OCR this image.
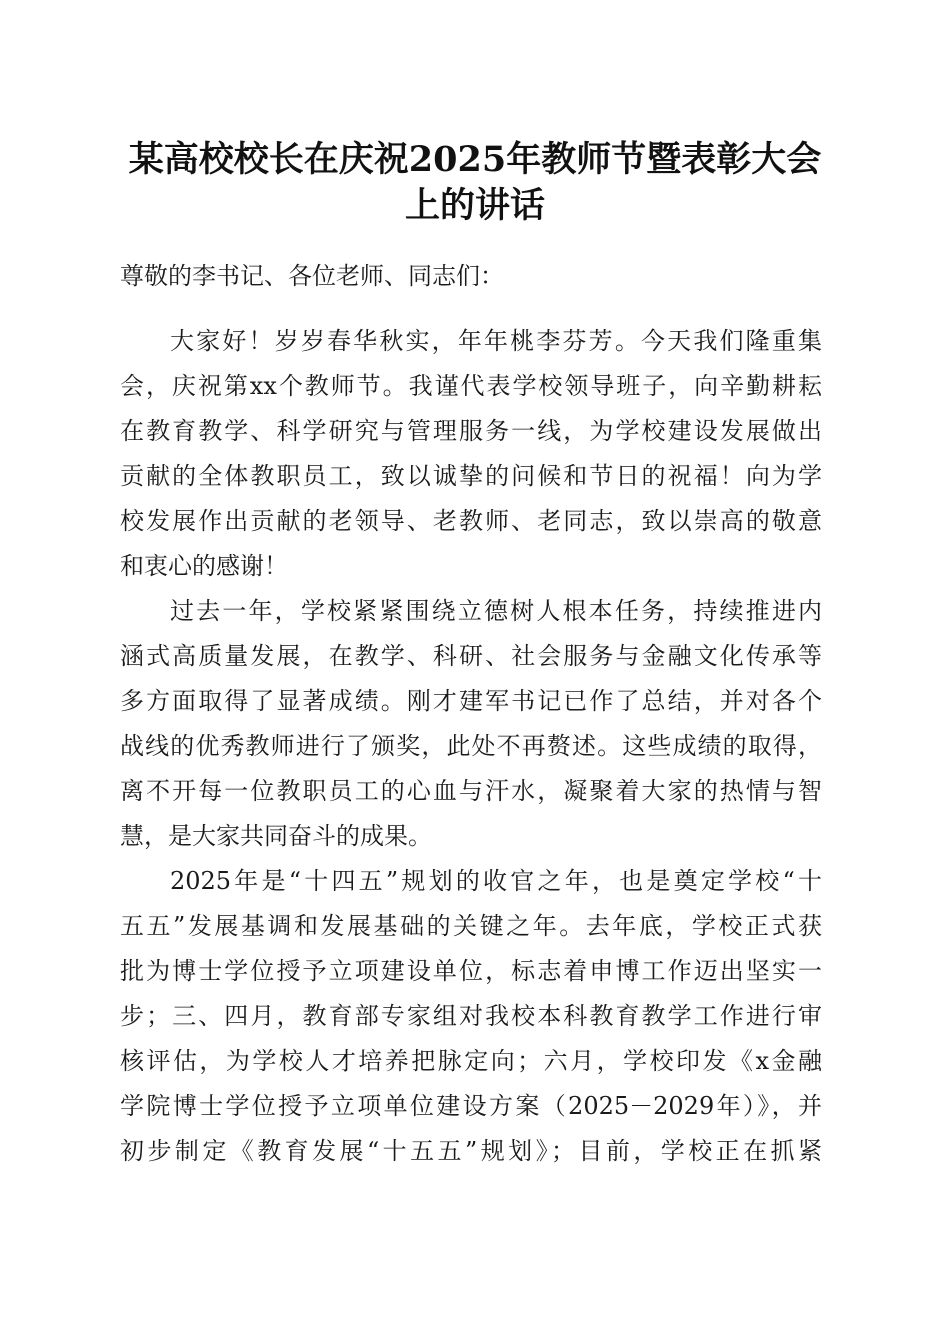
某高校校长在庆祝2025年教师节暨表彰大会
上的讲话
尊敬的李书记、各位老师、同志们：
大家好！岁岁春华秋实，年年桃李芬芳。今天我们隆重集
会，庆祝第xx个教师节。我谨代表学校领导班子，向辛勤耕耘
在教育教学、科学研究与管理服务一线，为学校建设发展做出
贡献的全体教职员工，致以诚挚的问候和节日的祝福！向为学
校发展作出贡献的老领导、老教师、老同志，致以崇高的敬意
和衷心的感谢！
过去一年，学校紧紧围绕立德树人根本任务，持续推进内
涵式高质量发展，在教学、科研、社会服务与金融文化传承等
多方面取得了显著成绩。刚才建军书记已作了总结，并对各个
战线的优秀教师进行了颁奖，此处不再赘述。这些成绩的取得，
离不开每一位教职员工的心血与汗水，凝聚着大家的热情与智
慧，是大家共同奋斗的成果。
2025年是“十四五”规划的收官之年，也是奠定学校“十
五五”发展基调和发展基础的关键之年。去年底，学校正式获
批为博士学位授予立项建设单位，标志着申博工作迈出坚实一
步；三、四月，教育部专家组对我校本科教育教学工作进行审
核评估，为学校人才培养把脉定向；六月，学校印发《x金融
学院博士学位授予立项单位建设方案（2025－2029年）》，并
初步制定《教育发展“十五五”规划》；目前，学校正在抓紧
